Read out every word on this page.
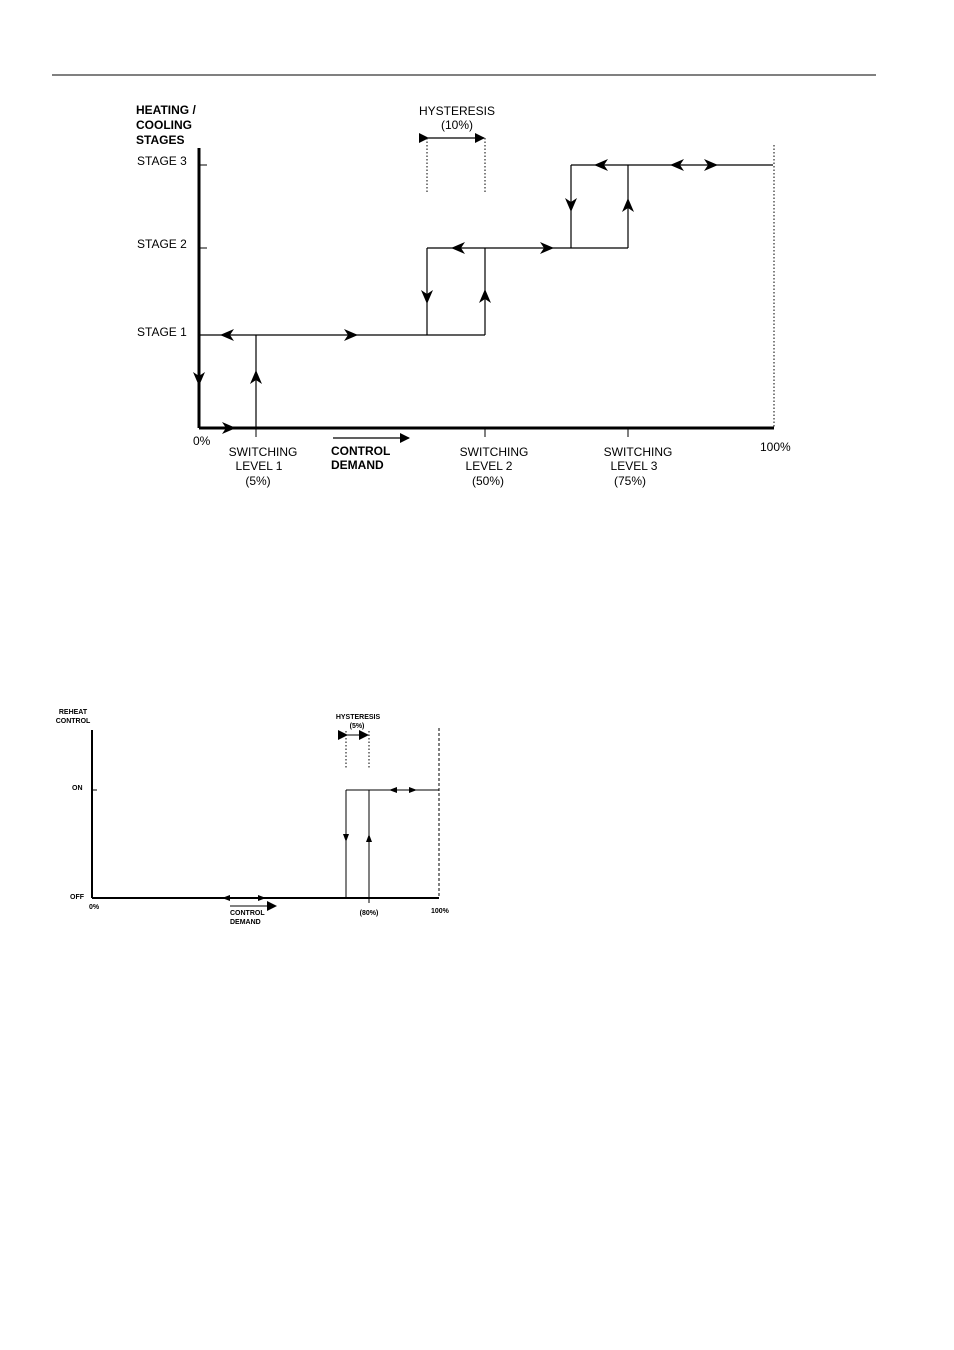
HEATING /
COOLING
STAGES
STAGE 3
STAGE 2
STAGE 1
HYSTERESIS
(10%)
0%	100%
SWITCHING
LEVEL 1
(5%)
SWITCHING
LEVEL 2
(50%)
SWITCHING
LEVEL 3
(75%)
CONTROL
DEMAND
REHEAT
CONTROL
ON
OFF
0%
100%
HYSTERESIS
(5%)
(80%)
CONTROL
DEMAND
